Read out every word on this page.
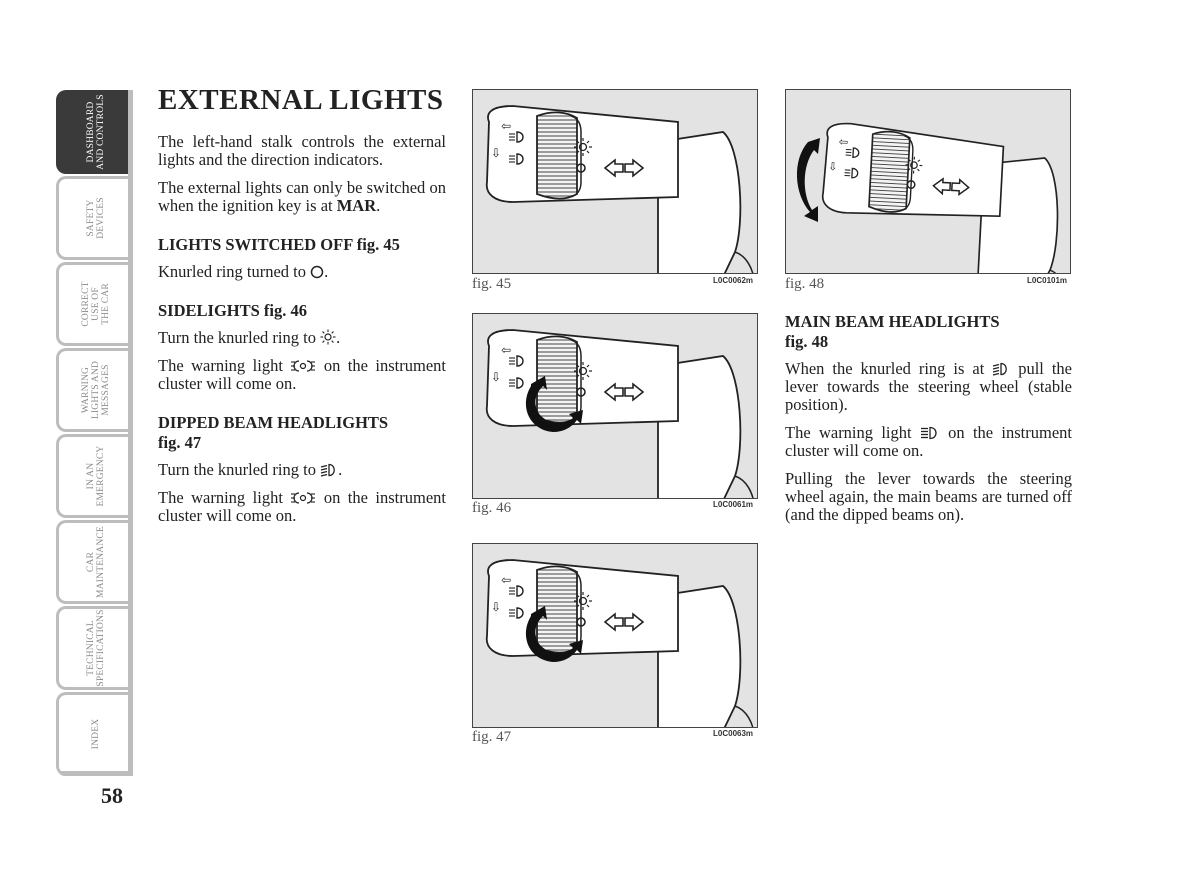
DASHBOARD
AND CONTROLS
SAFETY
DEVICES
CORRECT
USE OF
THE CAR
WARNING
LIGHTS AND
MESSAGES
IN AN
EMERGENCY
CAR
MAINTENANCE
TECHNICAL
SPECIFICATIONS
INDEX
58
EXTERNAL LIGHTS

The left-hand stalk controls the external lights and the direction indicators.

The external lights can only be switched on when the ignition key is at MAR.

LIGHTS SWITCHED OFF fig. 45

Knurled ring turned to .

SIDELIGHTS fig. 46

Turn the knurled ring to .

The warning light on the instrument cluster will come on.

DIPPED BEAM HEADLIGHTS
fig. 47

Turn the knurled ring to .

The warning light on the instrument cluster will come on.

fig. 45	L0C0062m
fig. 46	L0C0061m
fig. 47	L0C0063m
fig. 48	L0C0101m
MAIN BEAM HEADLIGHTS
fig. 48

When the knurled ring is at pull the lever towards the steering wheel (stable position).

The warning light on the instrument cluster will come on.

Pulling the lever towards the steering wheel again, the main beams are turned off (and the dipped beams on).
